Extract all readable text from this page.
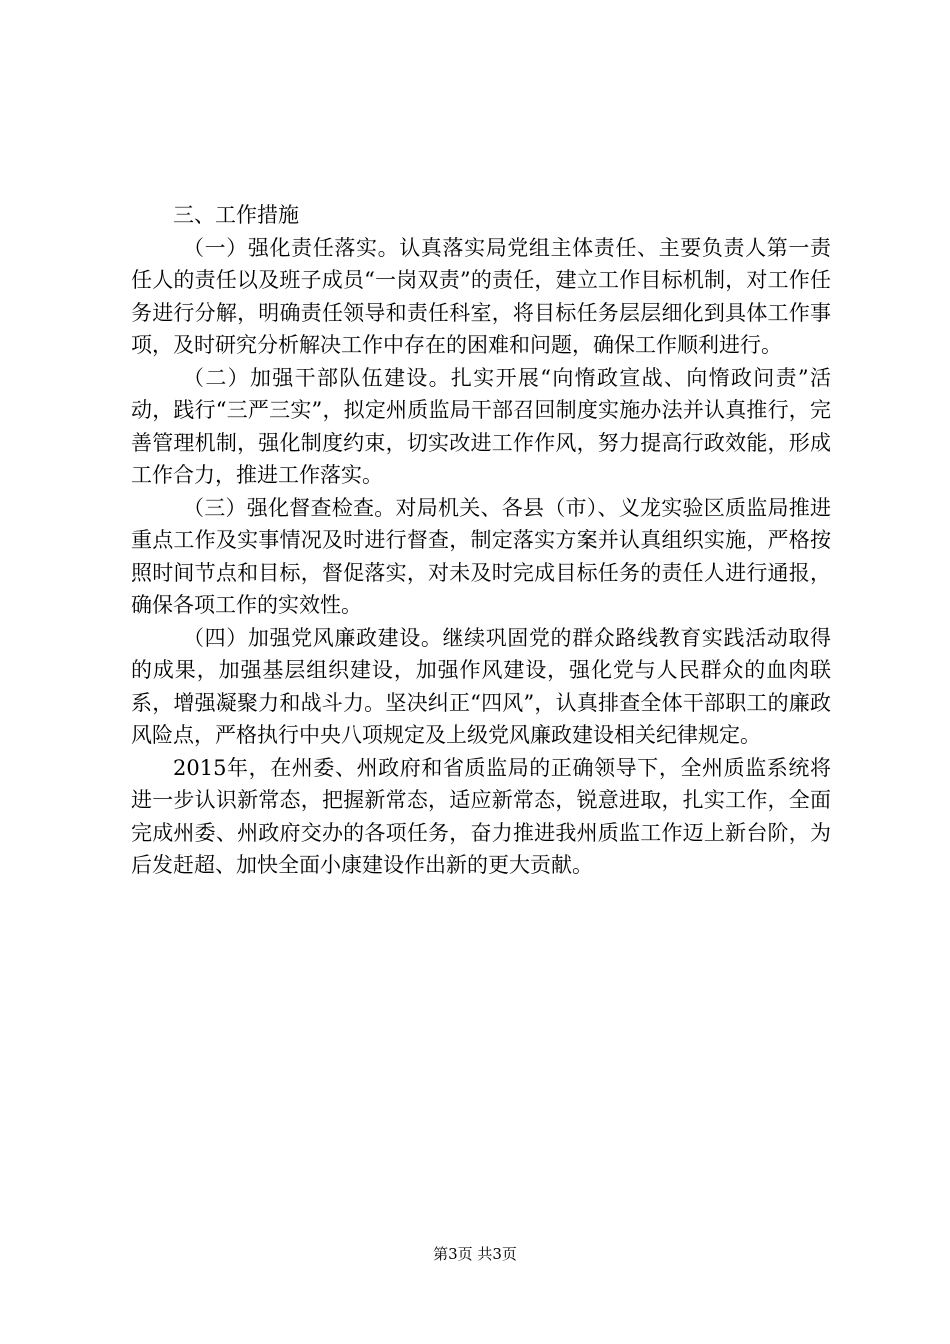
三、工作措施

（一）强化责任落实。认真落实局党组主体责任、主要负责人第一责任人的责任以及班子成员“一岗双责”的责任，建立工作目标机制，对工作任务进行分解，明确责任领导和责任科室，将目标任务层层细化到具体工作事项，及时研究分析解决工作中存在的困难和问题，确保工作顺利进行。

（二）加强干部队伍建设。扎实开展“向惰政宣战、向惰政问责”活动，践行“三严三实”，拟定州质监局干部召回制度实施办法并认真推行，完善管理机制，强化制度约束，切实改进工作作风，努力提高行政效能，形成工作合力，推进工作落实。

（三）强化督查检查。对局机关、各县（市）、义龙实验区质监局推进重点工作及实事情况及时进行督查，制定落实方案并认真组织实施，严格按照时间节点和目标，督促落实，对未及时完成目标任务的责任人进行通报，确保各项工作的实效性。

（四）加强党风廉政建设。继续巩固党的群众路线教育实践活动取得的成果，加强基层组织建设，加强作风建设，强化党与人民群众的血肉联系，增强凝聚力和战斗力。坚决纠正“四风”，认真排查全体干部职工的廉政风险点，严格执行中央八项规定及上级党风廉政建设相关纪律规定。

2015年，在州委、州政府和省质监局的正确领导下，全州质监系统将进一步认识新常态，把握新常态，适应新常态，锐意进取，扎实工作，全面完成州委、州政府交办的各项任务，奋力推进我州质监工作迈上新台阶，为后发赶超、加快全面小康建设作出新的更大贡献。

第3页 共3页
